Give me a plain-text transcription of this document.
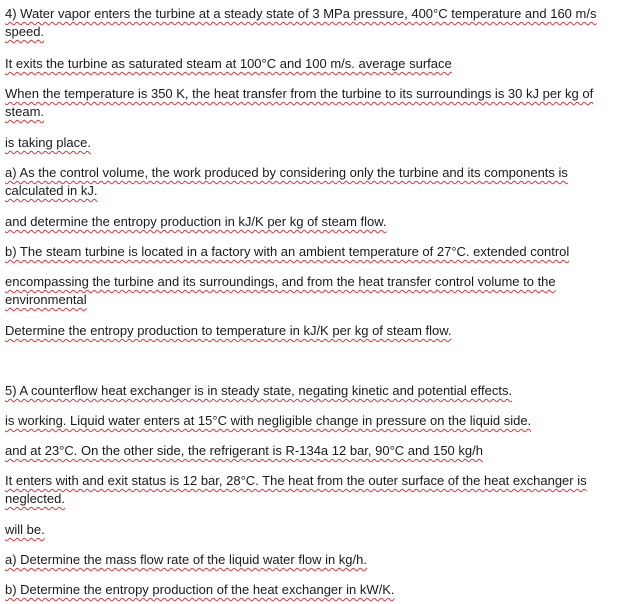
4) Water vapor enters the turbine at a steady state of 3 MPa pressure, 400°C temperature and 160 m/s speed.
It exits the turbine as saturated steam at 100°C and 100 m/s. average surface
When the temperature is 350 K, the heat transfer from the turbine to its surroundings is 30 kJ per kg of steam.
is taking place.
a) As the control volume, the work produced by considering only the turbine and its components is calculated in kJ.
and determine the entropy production in kJ/K per kg of steam flow.
b) The steam turbine is located in a factory with an ambient temperature of 27°C. extended control
encompassing the turbine and its surroundings, and from the heat transfer control volume to the environmental
Determine the entropy production to temperature in kJ/K per kg of steam flow.
5) A counterflow heat exchanger is in steady state, negating kinetic and potential effects.
is working. Liquid water enters at 15°C with negligible change in pressure on the liquid side.
and at 23°C. On the other side, the refrigerant is R-134a 12 bar, 90°C and 150 kg/h
It enters with and exit status is 12 bar, 28°C. The heat from the outer surface of the heat exchanger is neglected.
will be.
a) Determine the mass flow rate of the liquid water flow in kg/h.
b) Determine the entropy production of the heat exchanger in kW/K.
